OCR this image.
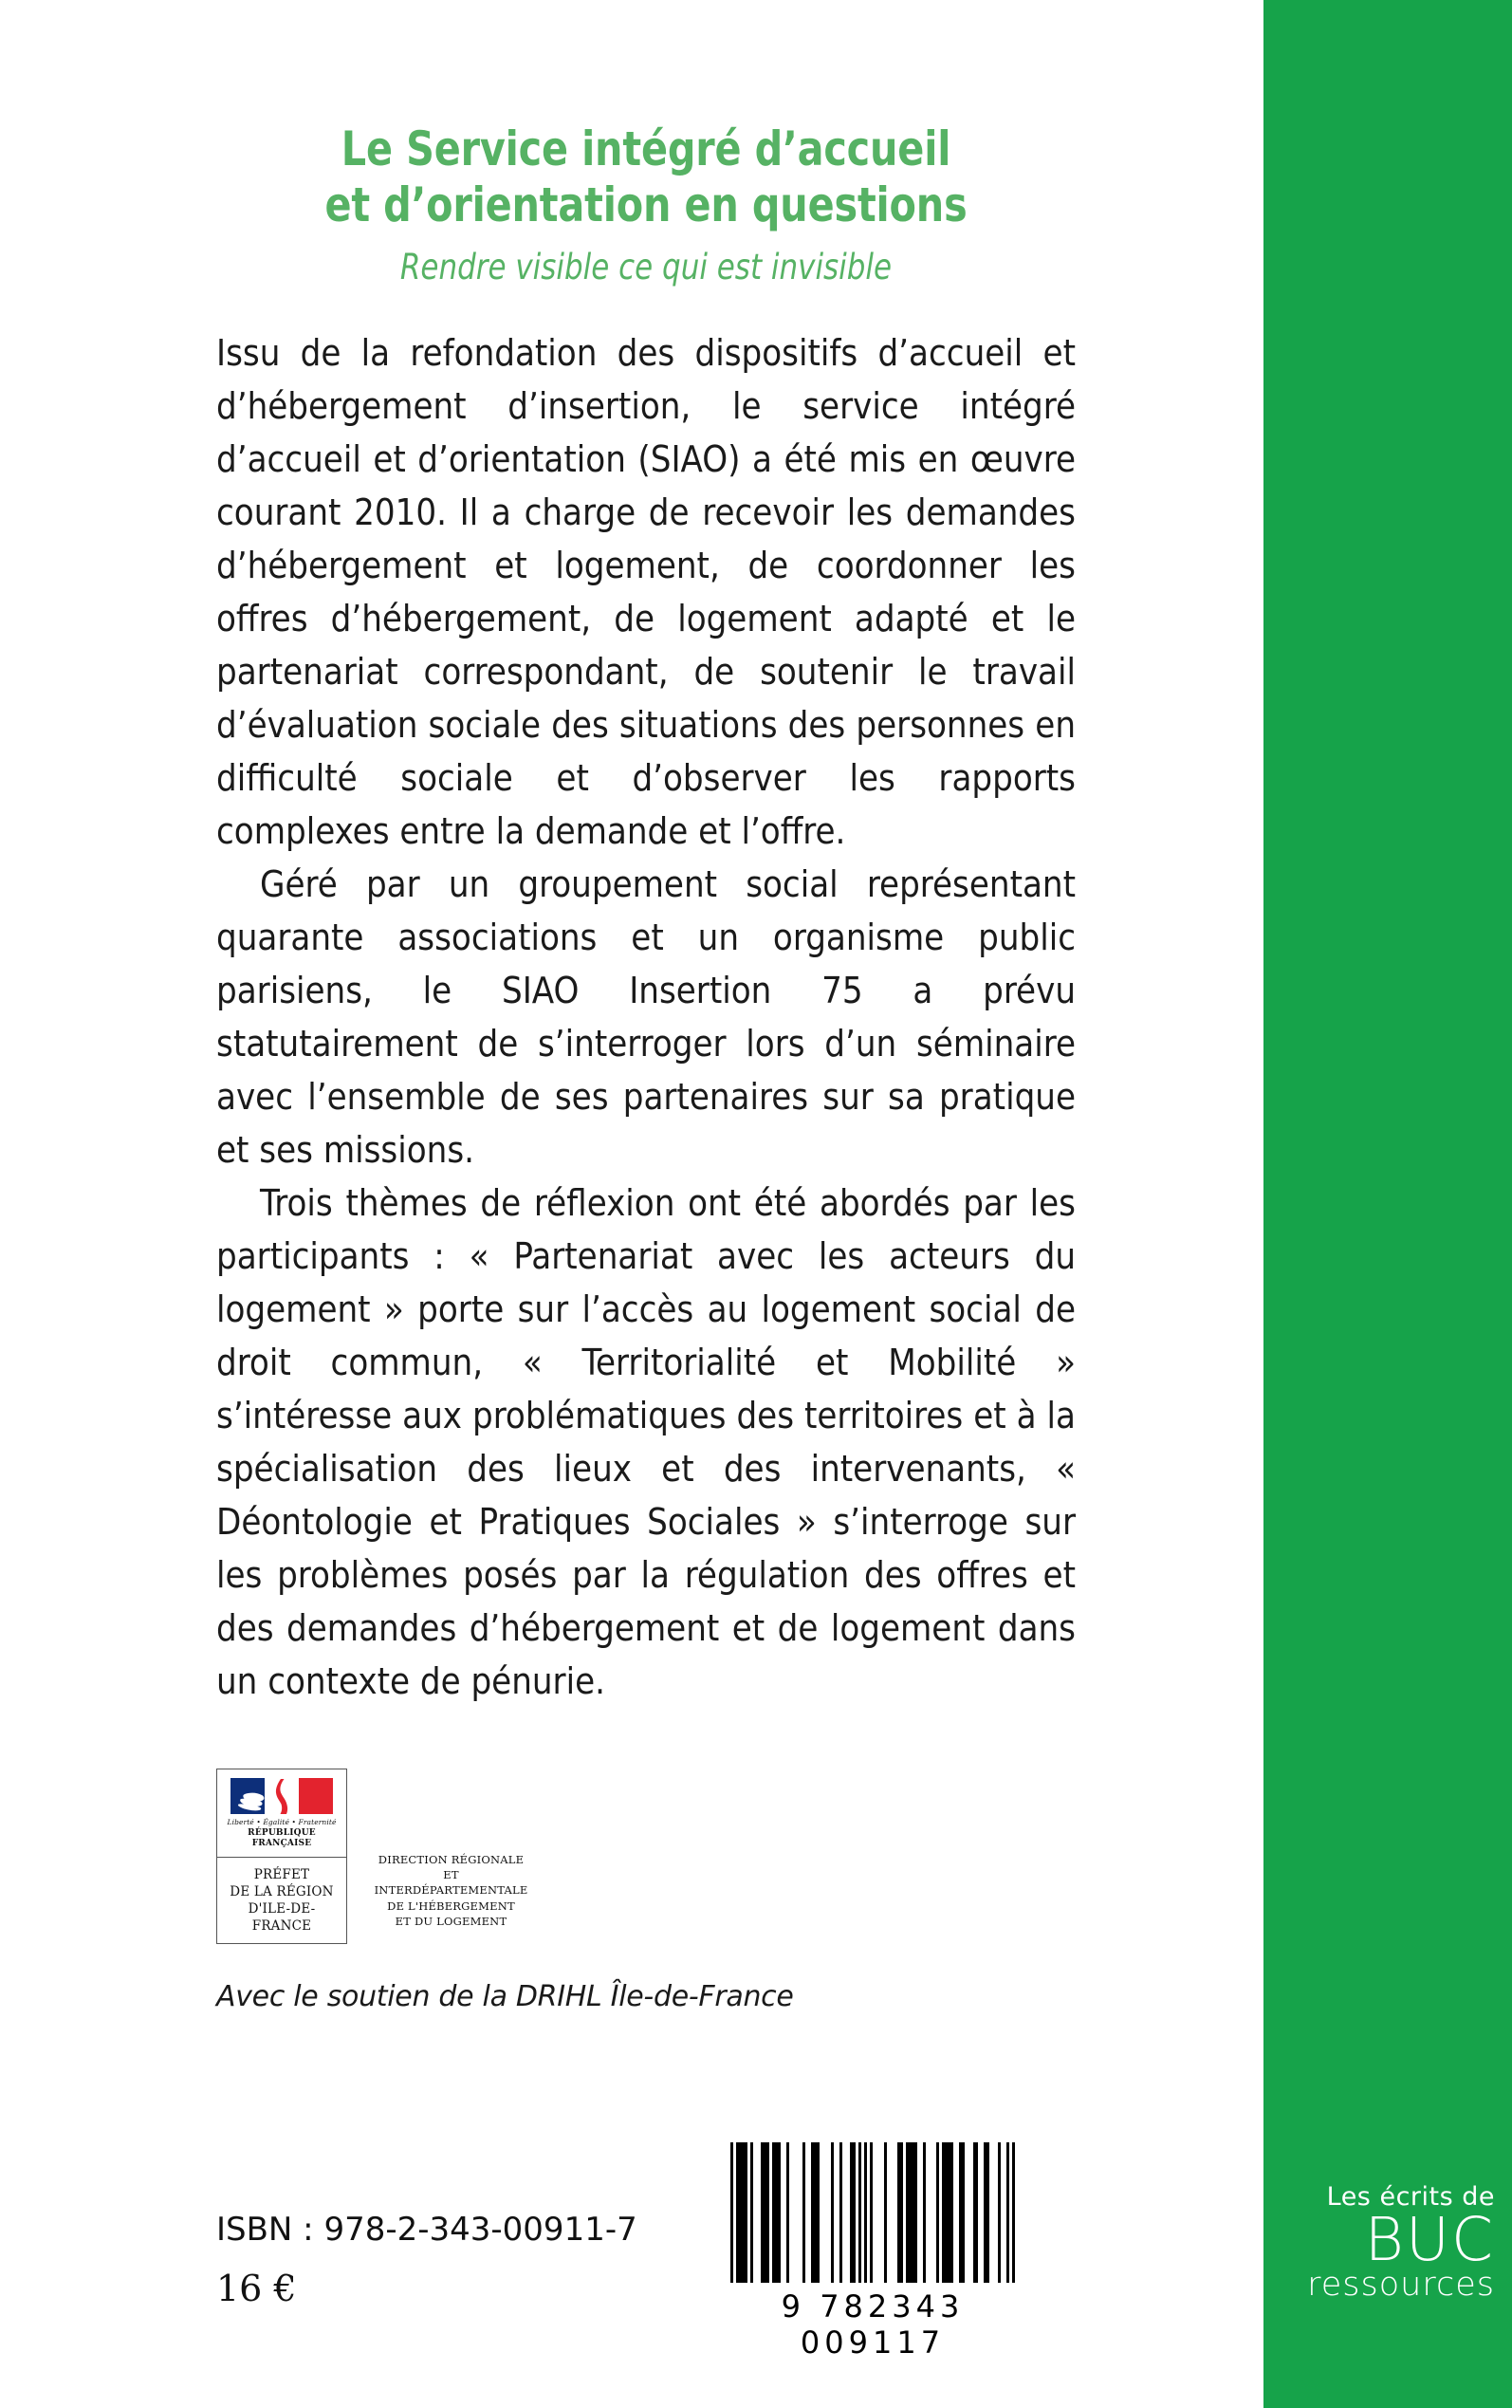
Les écrits de
BUC
ressources
Le Service intégré d’accueil
et d’orientation en questions
Rendre visible ce qui est invisible

Issu de la refondation des dispositifs d’accueil et d’hébergement d’insertion, le service intégré d’accueil et d’orientation (SIAO) a été mis en œuvre courant 2010. Il a charge de recevoir les demandes d’hébergement et logement, de coordonner les offres d’hébergement, de logement adapté et le partenariat correspondant, de soutenir le travail d’évaluation sociale des situations des personnes en difficulté sociale et d’observer les rapports complexes entre la demande et l’offre.

Géré par un groupement social représentant quarante associations et un organisme public parisiens, le SIAO Insertion 75 a prévu statutairement de s’interroger lors d’un séminaire avec l’ensemble de ses partenaires sur sa pratique et ses missions.

Trois thèmes de réflexion ont été abordés par les participants : « Partenariat avec les acteurs du logement » porte sur l’accès au logement social de droit commun, « Territorialité et Mobilité » s’intéresse aux problématiques des territoires et à la spécialisation des lieux et des intervenants, « Déontologie et Pratiques Sociales » s’interroge sur les problèmes posés par la régulation des offres et des demandes d’hébergement et de logement dans un contexte de pénurie.

Liberté • Égalité • Fraternité
RÉPUBLIQUE FRANÇAISE
PRÉFET
DE LA RÉGION
D'ILE-DE-FRANCE
DIRECTION RÉGIONALE
ET INTERDÉPARTEMENTALE
DE L'HÉBERGEMENT
ET DU LOGEMENT
Avec le soutien de la DRIHL Île-de-France
9 782343 009117
ISBN : 978-2-343-00911-7
16 €
